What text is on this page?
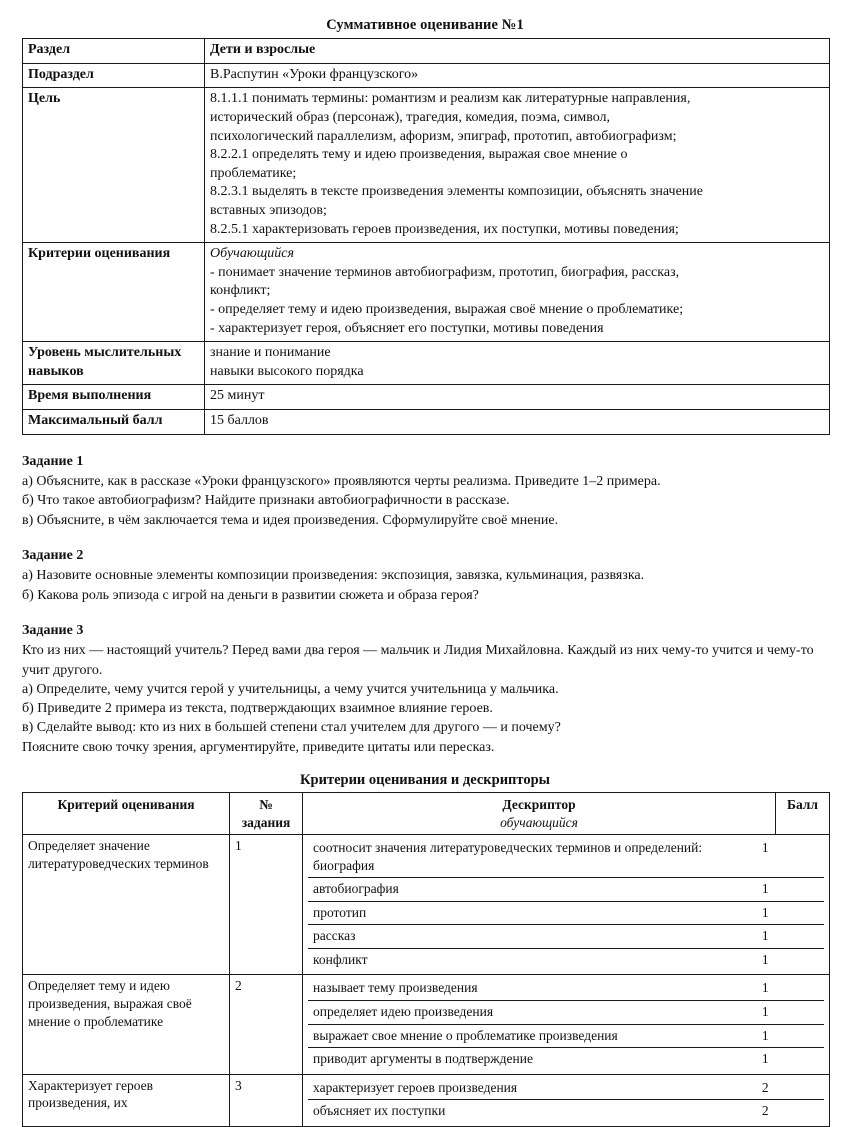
Суммативное оценивание №1
Раздел	Дети и взрослые

Подраздел	В.Распутин «Уроки французского»

Цель	8.1.1.1 понимать термины: романтизм и реализм как литературные направления,
исторический образ (персонаж), трагедия, комедия, поэма, символ,
психологический параллелизм, афоризм, эпиграф, прототип, автобиографизм;
8.2.2.1 определять тему и идею произведения, выражая свое мнение о
проблематике;
8.2.3.1 выделять в тексте произведения элементы композиции, объяснять значение
вставных эпизодов;
8.2.5.1 характеризовать героев произведения, их поступки, мотивы поведения;

Критерии оценивания	Обучающийся
- понимает значение терминов автобиографизм, прототип, биография, рассказ,
конфликт;
- определяет тему и идею произведения, выражая своё мнение о проблематике;
- характеризует героя, объясняет его поступки, мотивы поведения

Уровень мыслительных навыков	знание и понимание
навыки высокого порядка

Время выполнения	25 минут

Максимальный балл	15 баллов
Задание 1
а) Объясните, как в рассказе «Уроки французского» проявляются черты реализма. Приведите 1–2 примера.
б) Что такое автобиографизм? Найдите признаки автобиографичности в рассказе.
в) Объясните, в чём заключается тема и идея произведения. Сформулируйте своё мнение.
Задание 2
а) Назовите основные элементы композиции произведения: экспозиция, завязка, кульминация, развязка.
б) Какова роль эпизода с игрой на деньги в развитии сюжета и образа героя?
Задание 3
Кто из них — настоящий учитель? Перед вами два героя — мальчик и Лидия Михайловна. Каждый из них чему-то учится и чему-то учит другого.
а) Определите, чему учится герой у учительницы, а чему учится учительница у мальчика.
б) Приведите 2 примера из текста, подтверждающих взаимное влияние героев.
в) Сделайте вывод: кто из них в большей степени стал учителем для другого — и почему?
Поясните свою точку зрения, аргументируйте, приведите цитаты или пересказ.
Критерии оценивания и дескрипторы
Критерий оценивания	№
задания	Дескриптор
обучающийся
	Балл
Определяет значение литературоведческих терминов	1		соотносит значения литературоведческих терминов и определений: биография	1
автобиография	1
прототип	1
рассказ	1
конфликт	1

Определяет тему и идею произведения, выражая своё мнение о проблематике	2		называет тему произведения	1
определяет идею произведения	1
выражает свое мнение о проблематике произведения	1
приводит аргументы в подтверждение	1

Характеризует героев произведения, их	3		характеризует героев произведения	2
объясняет их поступки	2
